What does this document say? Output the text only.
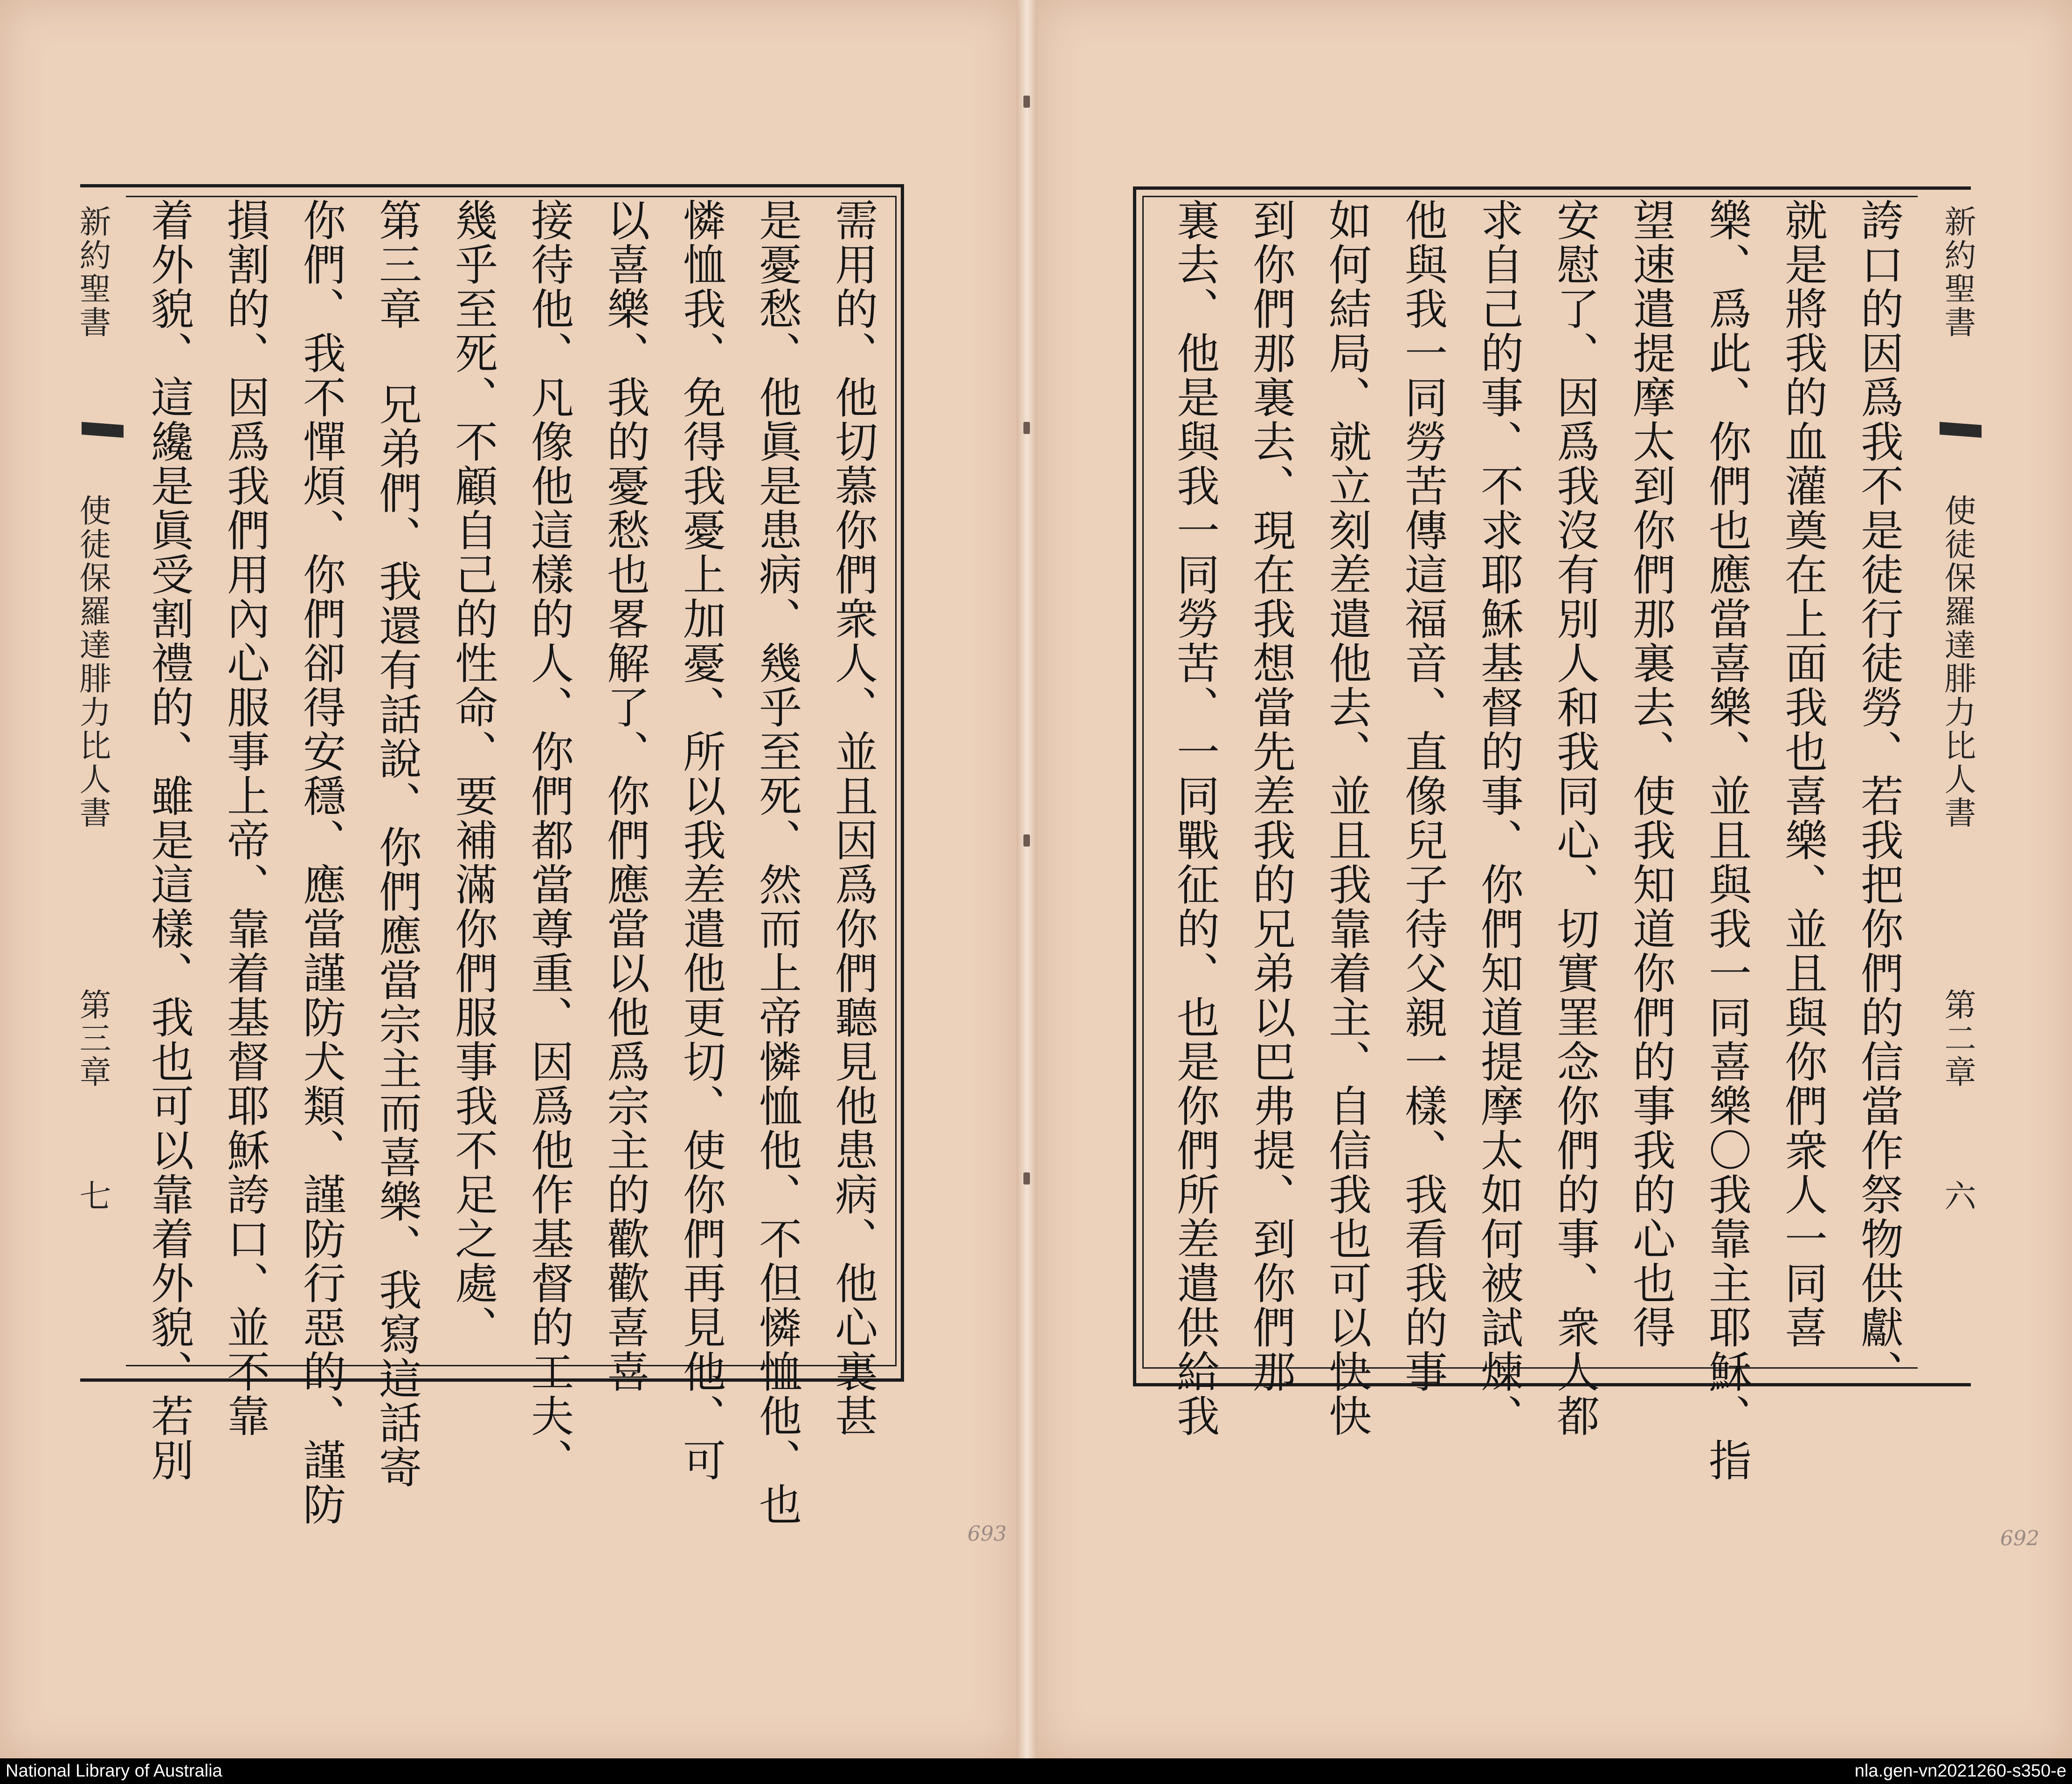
新約聖書
使徒保羅達腓力比人書
第三章
七	需用的、他切慕你們衆人、並且因爲你們聽見他患病、他心裏甚
是憂愁、他眞是患病、幾乎至死、然而上帝憐恤他、不但憐恤他、也
憐恤我、免得我憂上加憂、所以我差遣他更切、使你們再見他、可
以喜樂、我的憂愁也畧解了、你們應當以他爲宗主的歡歡喜喜
接待他、凡像他這樣的人、你們都當尊重、因爲他作基督的工夫、
幾乎至死、不顧自己的性命、要補滿你們服事我不足之處、
第三章 兄弟們、我還有話說、你們應當宗主而喜樂、我寫這話寄
你們、我不憚煩、你們卻得安穩、應當謹防犬類、謹防行惡的、謹防
損割的、因爲我們用內心服事上帝、靠着基督耶穌誇口、並不靠
着外貌、這纔是眞受割禮的、雖是這樣、我也可以靠着外貌、若別
693
新約聖書
使徒保羅達腓力比人書
第二章
六
誇口的因爲我不是徒行徒勞、若我把你們的信當作祭物供獻、
就是將我的血灌奠在上面我也喜樂、並且與你們衆人一同喜
樂、爲此、你們也應當喜樂、並且與我一同喜樂〇我靠主耶穌、指
望速遣提摩太到你們那裏去、使我知道你們的事我的心也得
安慰了、因爲我沒有別人和我同心、切實罣念你們的事、衆人都
求自己的事、不求耶穌基督的事、你們知道提摩太如何被試煉、
他與我一同勞苦傳這福音、直像兒子待父親一樣、我看我的事
如何結局、就立刻差遣他去、並且我靠着主、自信我也可以快快
到你們那裏去、現在我想當先差我的兄弟以巴弗提、到你們那
裏去、他是與我一同勞苦、一同戰征的、也是你們所差遣供給我
692
National Library of Australia	nla.gen-vn2021260-s350-e
